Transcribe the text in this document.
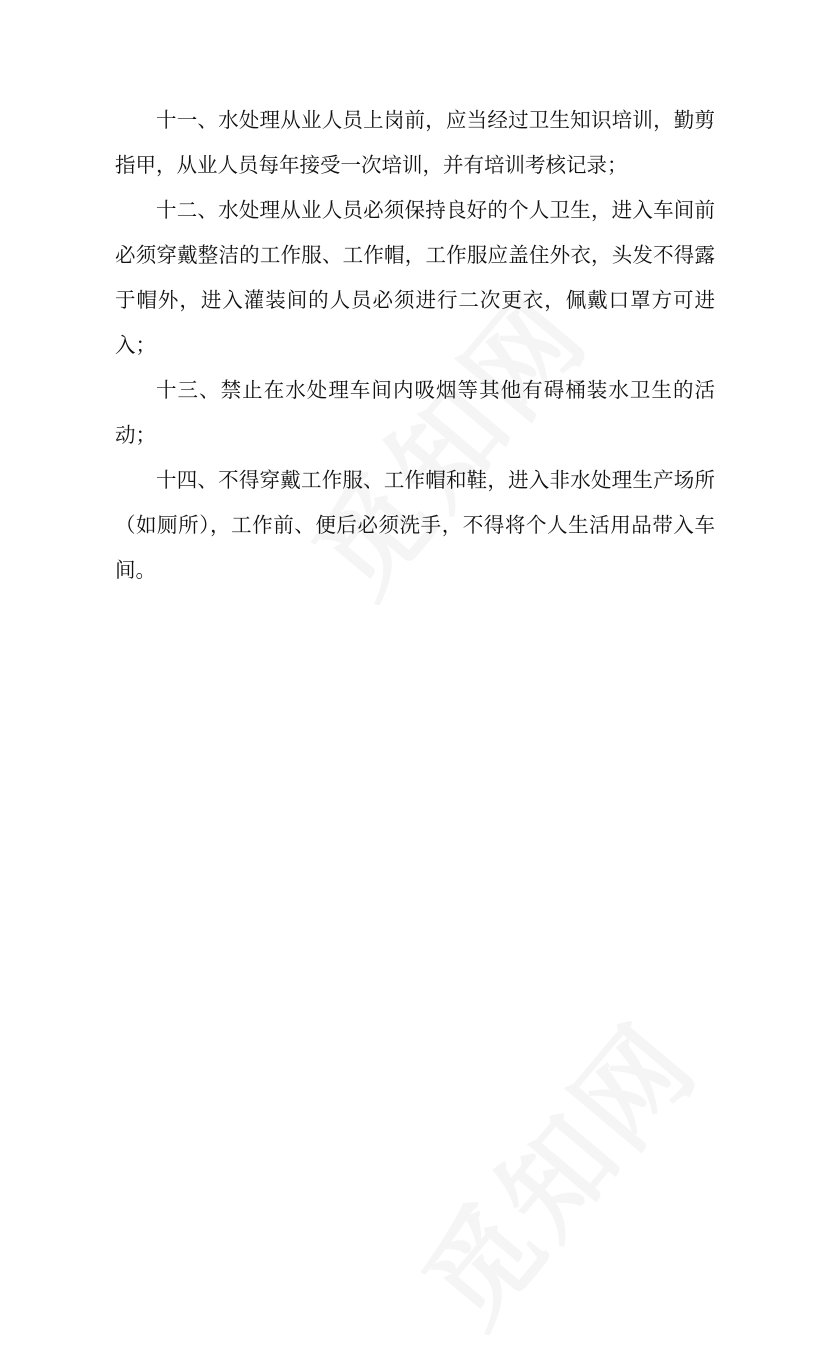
十一、水处理从业人员上岗前，应当经过卫生知识培训，勤剪指甲，从业人员每年接受一次培训，并有培训考核记录；

十二、水处理从业人员必须保持良好的个人卫生，进入车间前必须穿戴整洁的工作服、工作帽，工作服应盖住外衣，头发不得露于帽外，进入灌装间的人员必须进行二次更衣，佩戴口罩方可进入；

十三、禁止在水处理车间内吸烟等其他有碍桶装水卫生的活动；

十四、不得穿戴工作服、工作帽和鞋，进入非水处理生产场所（如厕所），工作前、便后必须洗手，不得将个人生活用品带入车间。
